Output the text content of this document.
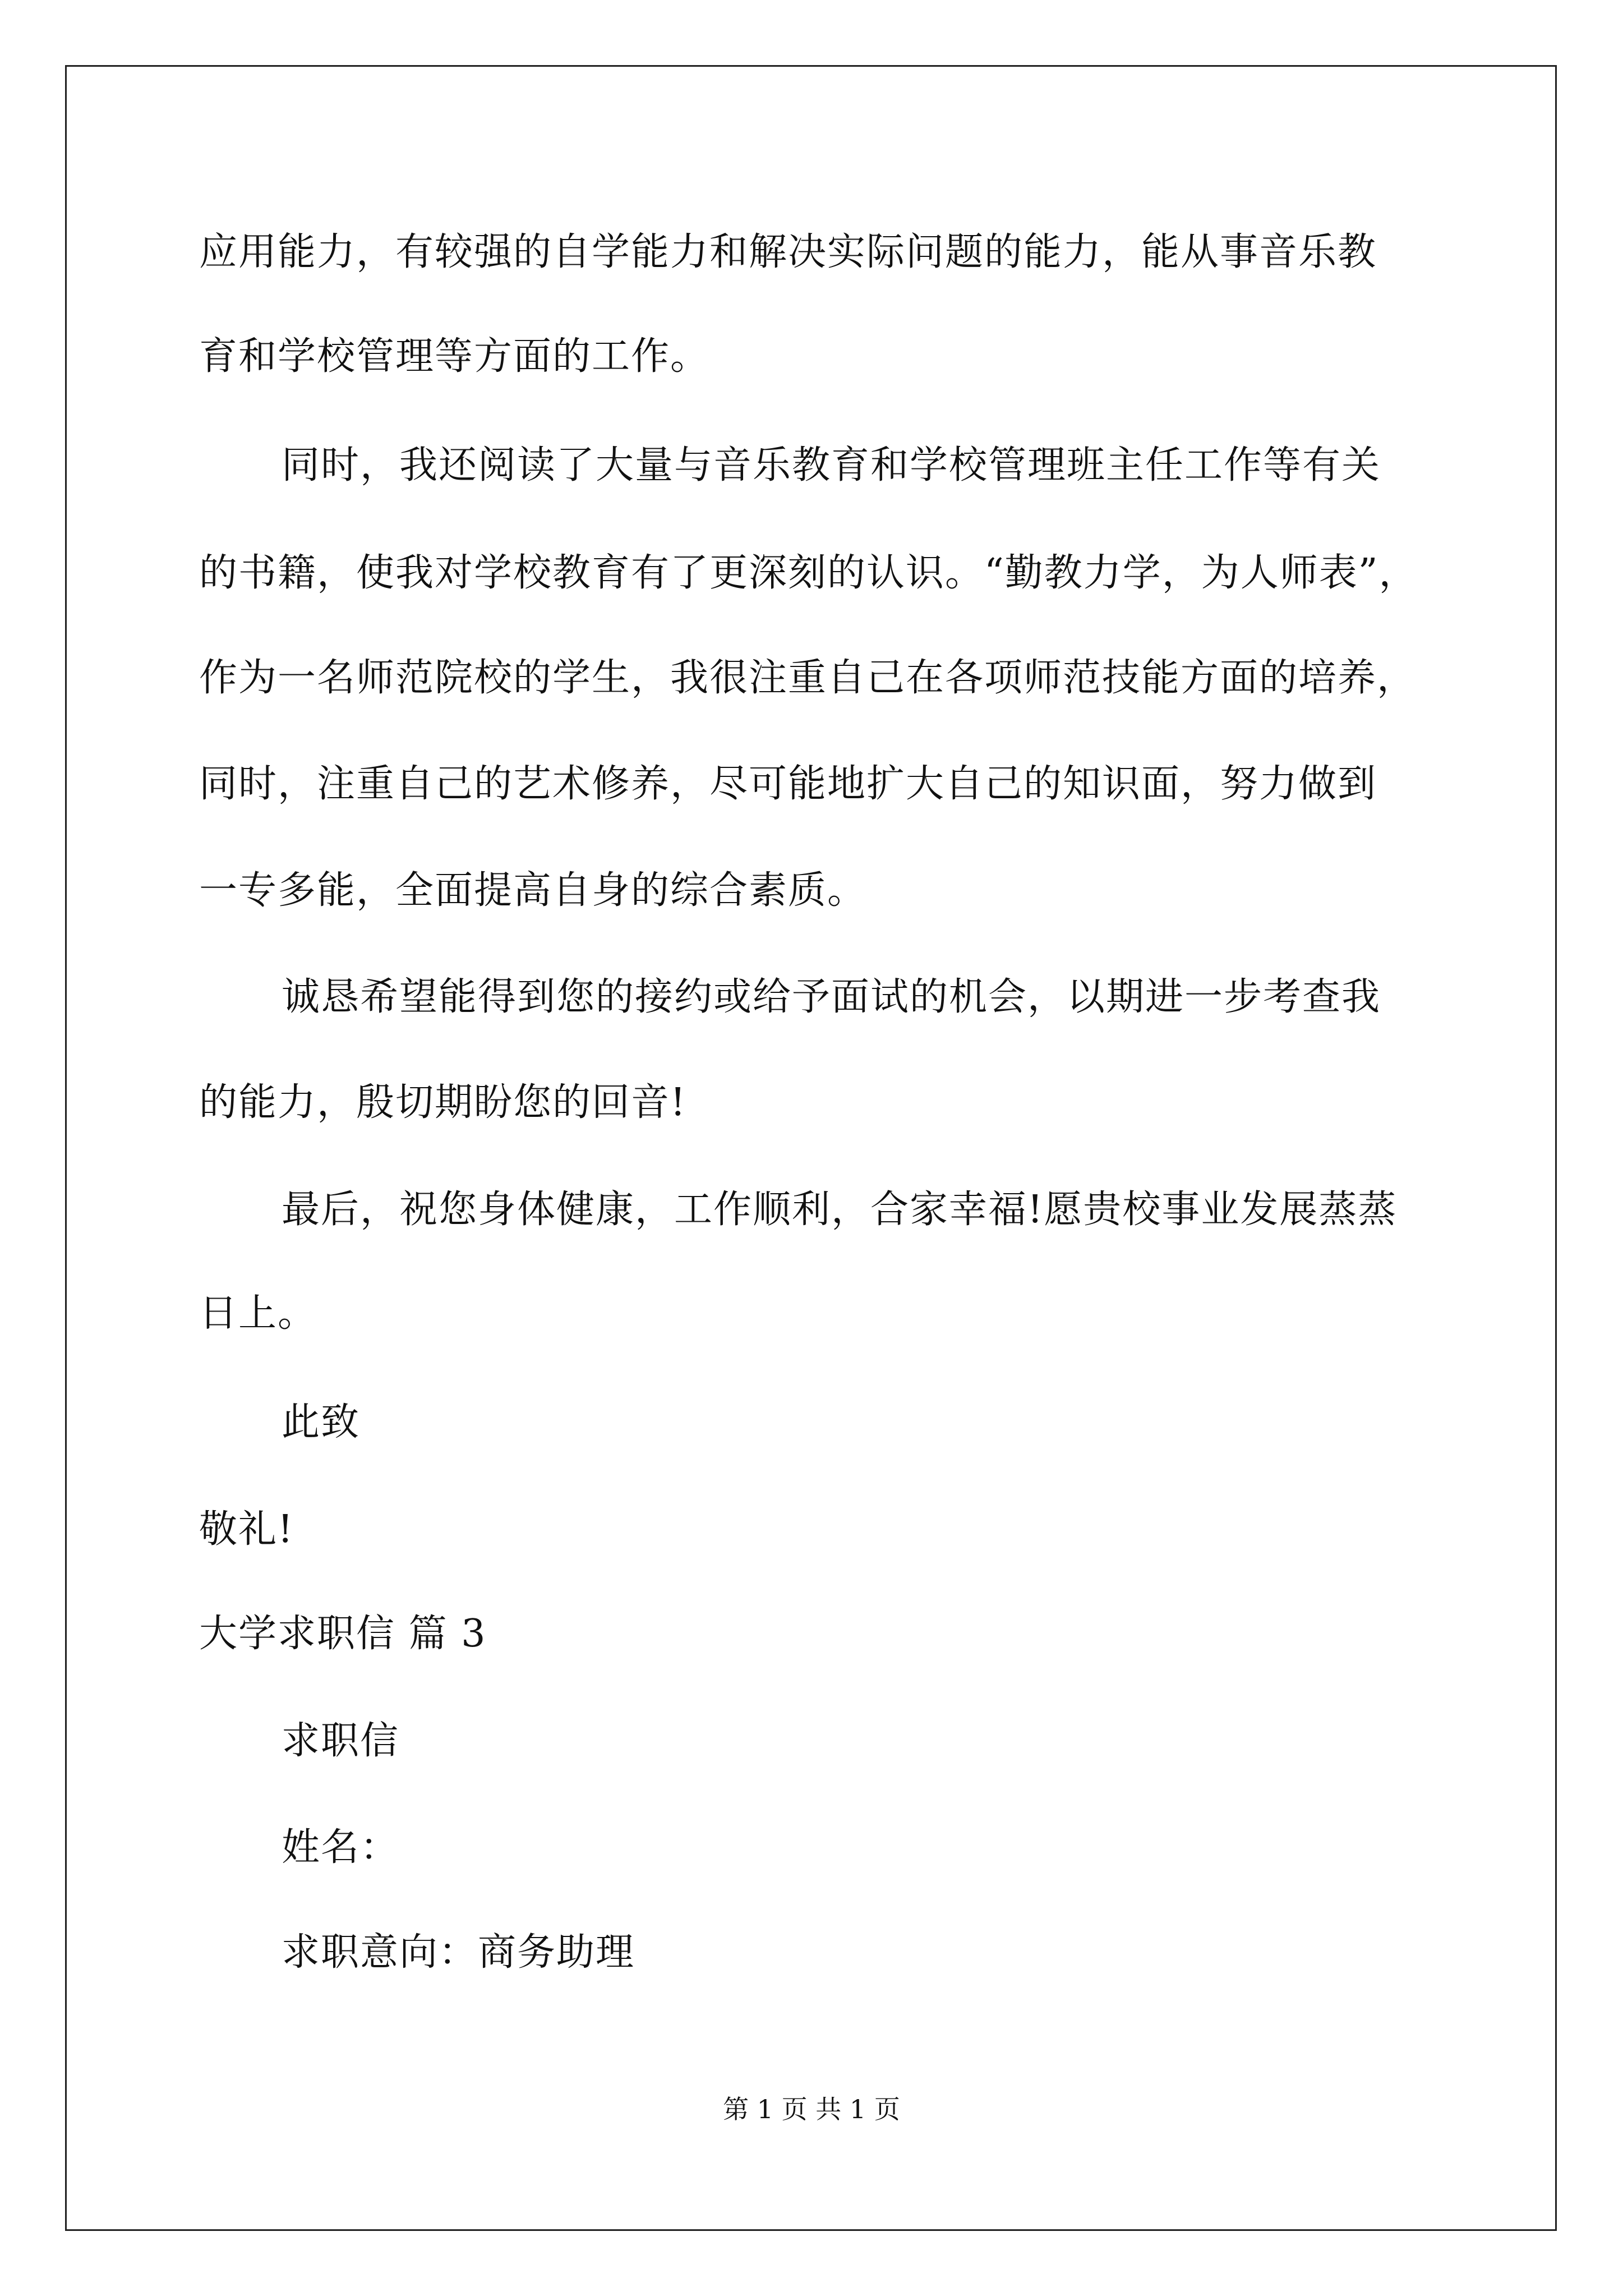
应用能力，有较强的自学能力和解决实际问题的能力，能从事音乐教
育和学校管理等方面的工作。
同时，我还阅读了大量与音乐教育和学校管理班主任工作等有关
的书籍，使我对学校教育有了更深刻的认识。“勤教力学，为人师表”，
作为一名师范院校的学生，我很注重自己在各项师范技能方面的培养，
同时，注重自己的艺术修养，尽可能地扩大自己的知识面，努力做到
一专多能，全面提高自身的综合素质。
诚恳希望能得到您的接约或给予面试的机会，以期进一步考查我
的能力，殷切期盼您的回音!
最后，祝您身体健康，工作顺利，合家幸福!愿贵校事业发展蒸蒸
日上。
此致
敬礼!
大学求职信 篇 3
求职信
姓名：
求职意向：商务助理
第 1 页 共 1 页
